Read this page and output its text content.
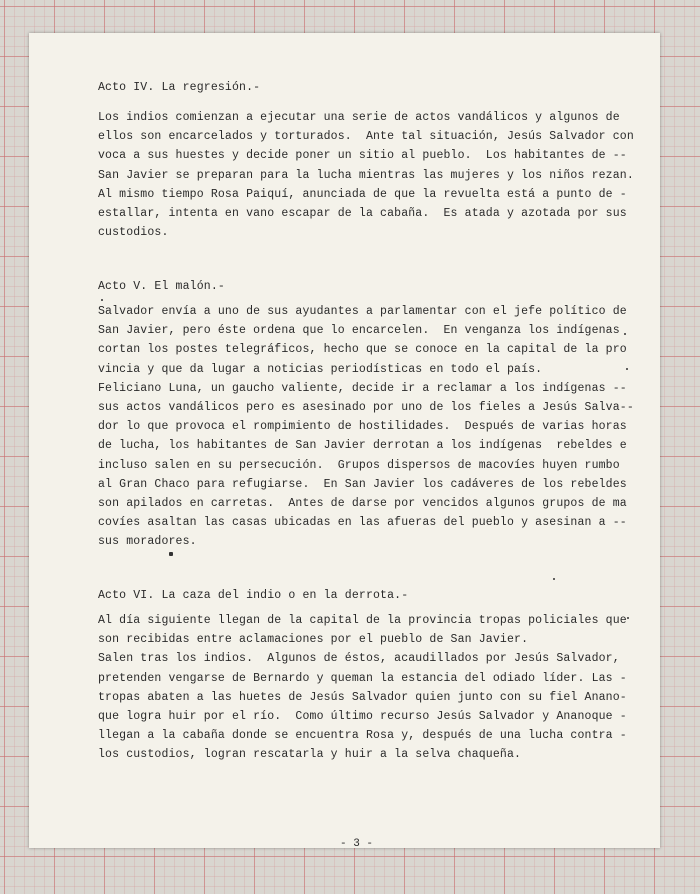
Acto IV. La regresión.-
Los indios comienzan a ejecutar una serie de actos vandálicos y algunos de
ellos son encarcelados y torturados.  Ante tal situación, Jesús Salvador con
voca a sus huestes y decide poner un sitio al pueblo.  Los habitantes de --
San Javier se preparan para la lucha mientras las mujeres y los niños rezan.
Al mismo tiempo Rosa Paiquí, anunciada de que la revuelta está a punto de -
estallar, intenta en vano escapar de la cabaña.  Es atada y azotada por sus
custodios.
Acto V. El malón.-
Salvador envía a uno de sus ayudantes a parlamentar con el jefe político de
San Javier, pero éste ordena que lo encarcelen.  En venganza los indígenas
cortan los postes telegráficos, hecho que se conoce en la capital de la pro
vincia y que da lugar a noticias periodísticas en todo el país.
Feliciano Luna, un gaucho valiente, decide ir a reclamar a los indígenas --
sus actos vandálicos pero es asesinado por uno de los fieles a Jesús Salva--
dor lo que provoca el rompimiento de hostilidades.  Después de varias horas
de lucha, los habitantes de San Javier derrotan a los indígenas  rebeldes e
incluso salen en su persecución.  Grupos dispersos de macovíes huyen rumbo
al Gran Chaco para refugiarse.  En San Javier los cadáveres de los rebeldes
son apilados en carretas.  Antes de darse por vencidos algunos grupos de ma
covíes asaltan las casas ubicadas en las afueras del pueblo y asesinan a --
sus moradores.
Acto VI. La caza del indio o en la derrota.-
Al día siguiente llegan de la capital de la provincia tropas policiales que
son recibidas entre aclamaciones por el pueblo de San Javier.
Salen tras los indios.  Algunos de éstos, acaudillados por Jesús Salvador,
pretenden vengarse de Bernardo y queman la estancia del odiado líder. Las -
tropas abaten a las huetes de Jesús Salvador quien junto con su fiel Anano-
que logra huir por el río.  Como último recurso Jesús Salvador y Ananoque -
llegan a la cabaña donde se encuentra Rosa y, después de una lucha contra -
los custodios, logran rescatarla y huir a la selva chaqueña.
- 3 -
